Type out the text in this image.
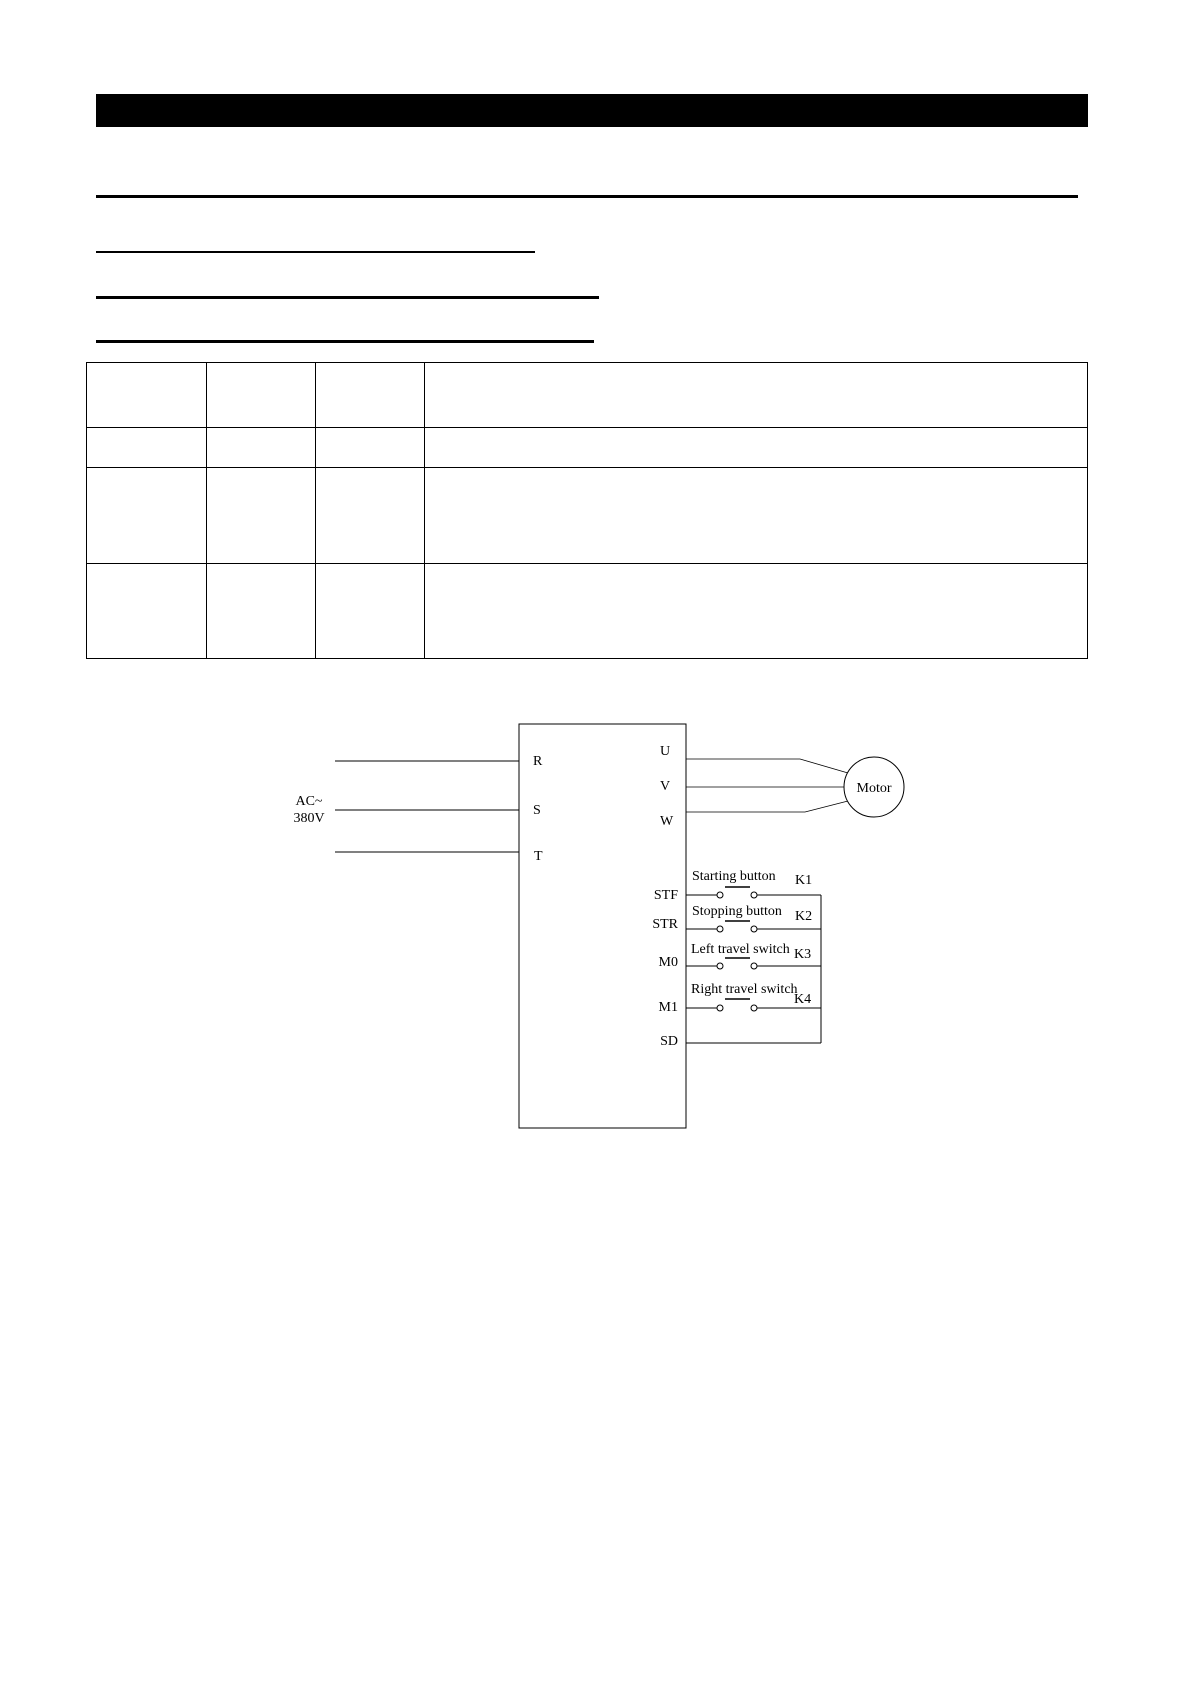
AC~
380V
R
S
T
U
V
W
Motor
STF
STR
M0
M1
SD
Starting button K1
Stopping button K2
Left travel switch K3
Right travel switch
K4
